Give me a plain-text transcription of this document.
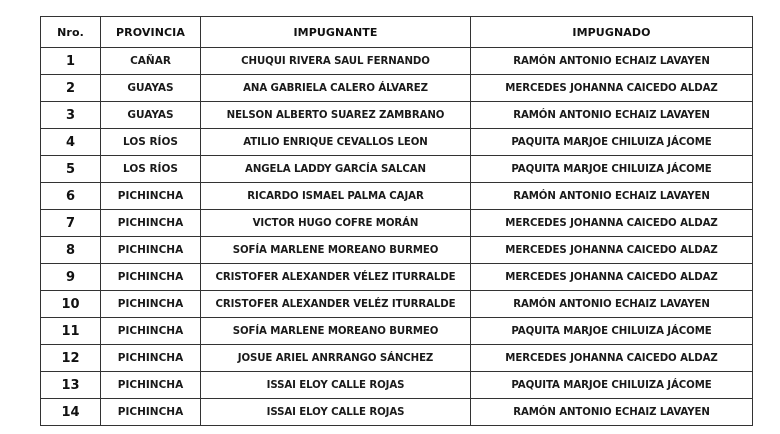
Nro.	PROVINCIA	IMPUGNANTE	IMPUGNADO
1	CAÑAR	CHUQUI RIVERA SAUL FERNANDO	RAMÓN ANTONIO ECHAIZ LAVAYEN
2	GUAYAS	ANA GABRIELA CALERO ÁLVAREZ	MERCEDES JOHANNA CAICEDO ALDAZ
3	GUAYAS	NELSON ALBERTO SUAREZ ZAMBRANO	RAMÓN ANTONIO ECHAIZ LAVAYEN
4	LOS RÍOS	ATILIO ENRIQUE CEVALLOS LEON	PAQUITA MARJOE CHILUIZA JÁCOME
5	LOS RÍOS	ANGELA LADDY GARCÍA SALCAN	PAQUITA MARJOE CHILUIZA JÁCOME
6	PICHINCHA	RICARDO ISMAEL PALMA CAJAR	RAMÓN ANTONIO ECHAIZ LAVAYEN
7	PICHINCHA	VICTOR HUGO COFRE MORÁN	MERCEDES JOHANNA CAICEDO ALDAZ
8	PICHINCHA	SOFÍA MARLENE MOREANO BURMEO	MERCEDES JOHANNA CAICEDO ALDAZ
9	PICHINCHA	CRISTOFER ALEXANDER VÉLEZ ITURRALDE	MERCEDES JOHANNA CAICEDO ALDAZ
10	PICHINCHA	CRISTOFER ALEXANDER VELÉZ ITURRALDE	RAMÓN ANTONIO ECHAIZ LAVAYEN
11	PICHINCHA	SOFÍA MARLENE MOREANO BURMEO	PAQUITA MARJOE CHILUIZA JÁCOME
12	PICHINCHA	JOSUE ARIEL ANRRANGO SÁNCHEZ	MERCEDES JOHANNA CAICEDO ALDAZ
13	PICHINCHA	ISSAI ELOY CALLE ROJAS	PAQUITA MARJOE CHILUIZA JÁCOME
14	PICHINCHA	ISSAI ELOY CALLE ROJAS	RAMÓN ANTONIO ECHAIZ LAVAYEN
